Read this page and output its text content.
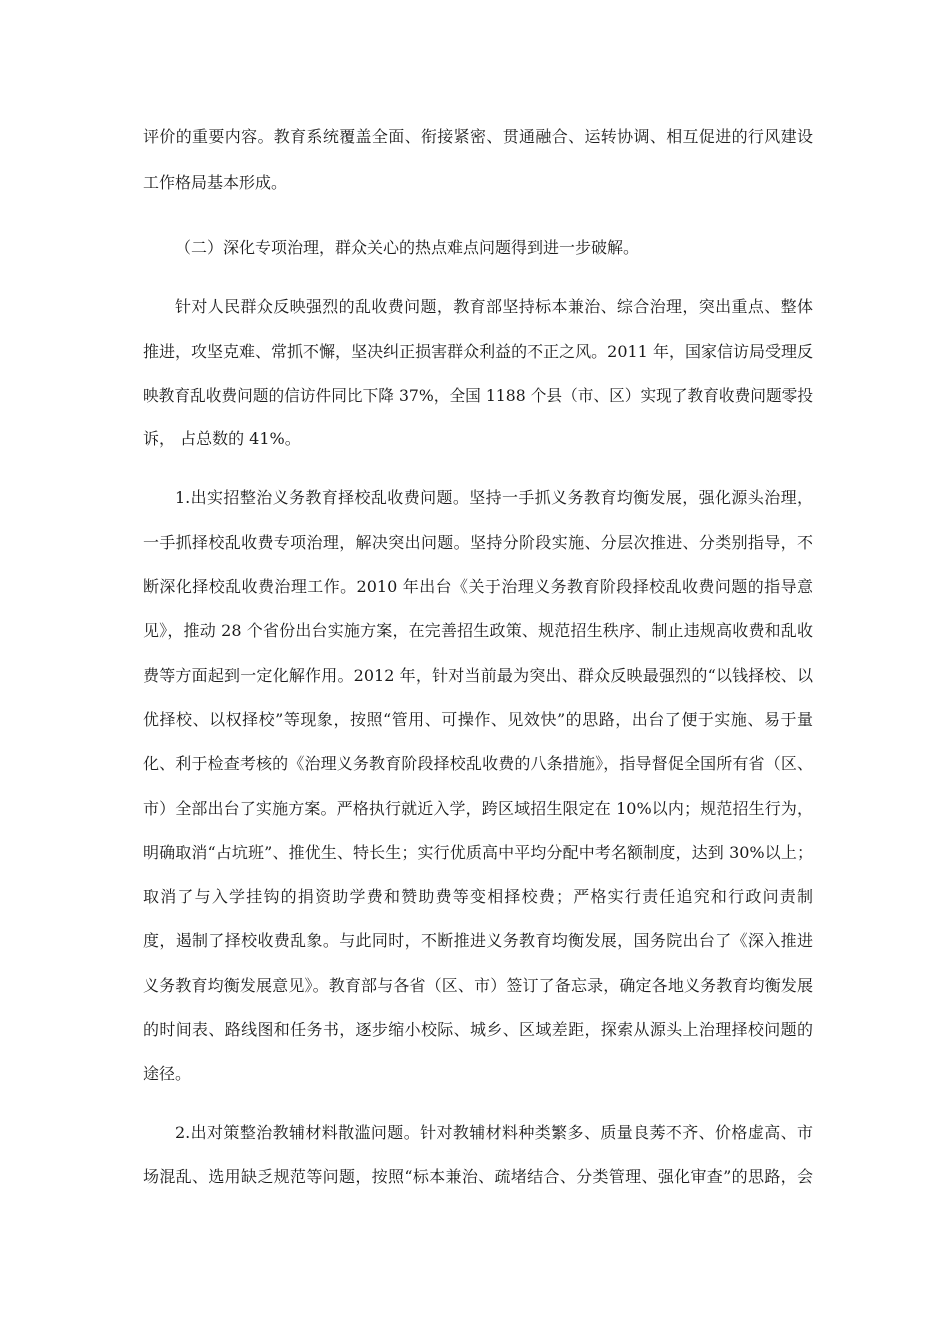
评价的重要内容。教育系统覆盖全面、衔接紧密、贯通融合、运转协调、相互促进的行风建设
工作格局基本形成。
（二）深化专项治理，群众关心的热点难点问题得到进一步破解。
针对人民群众反映强烈的乱收费问题，教育部坚持标本兼治、综合治理，突出重点、整体
推进，攻坚克难、常抓不懈，坚决纠正损害群众利益的不正之风。2011 年，国家信访局受理反
映教育乱收费问题的信访件同比下降 37%，全国 1188 个县（市、区）实现了教育收费问题零投
诉， 占总数的 41%。
1.出实招整治义务教育择校乱收费问题。坚持一手抓义务教育均衡发展，强化源头治理，
一手抓择校乱收费专项治理，解决突出问题。坚持分阶段实施、分层次推进、分类别指导，不
断深化择校乱收费治理工作。2010 年出台《关于治理义务教育阶段择校乱收费问题的指导意
见》，推动 28 个省份出台实施方案，在完善招生政策、规范招生秩序、制止违规高收费和乱收
费等方面起到一定化解作用。2012 年，针对当前最为突出、群众反映最强烈的“以钱择校、以
优择校、以权择校”等现象，按照“管用、可操作、见效快”的思路，出台了便于实施、易于量
化、利于检查考核的《治理义务教育阶段择校乱收费的八条措施》，指导督促全国所有省（区、
市）全部出台了实施方案。严格执行就近入学，跨区域招生限定在 10%以内；规范招生行为，
明确取消“占坑班”、推优生、特长生；实行优质高中平均分配中考名额制度，达到 30%以上；
取消了与入学挂钩的捐资助学费和赞助费等变相择校费；严格实行责任追究和行政问责制
度，遏制了择校收费乱象。与此同时，不断推进义务教育均衡发展，国务院出台了《深入推进
义务教育均衡发展意见》。教育部与各省（区、市）签订了备忘录，确定各地义务教育均衡发展
的时间表、路线图和任务书，逐步缩小校际、城乡、区域差距，探索从源头上治理择校问题的
途径。
2.出对策整治教辅材料散滥问题。针对教辅材料种类繁多、质量良莠不齐、价格虚高、市
场混乱、选用缺乏规范等问题，按照“标本兼治、疏堵结合、分类管理、强化审查”的思路，会
